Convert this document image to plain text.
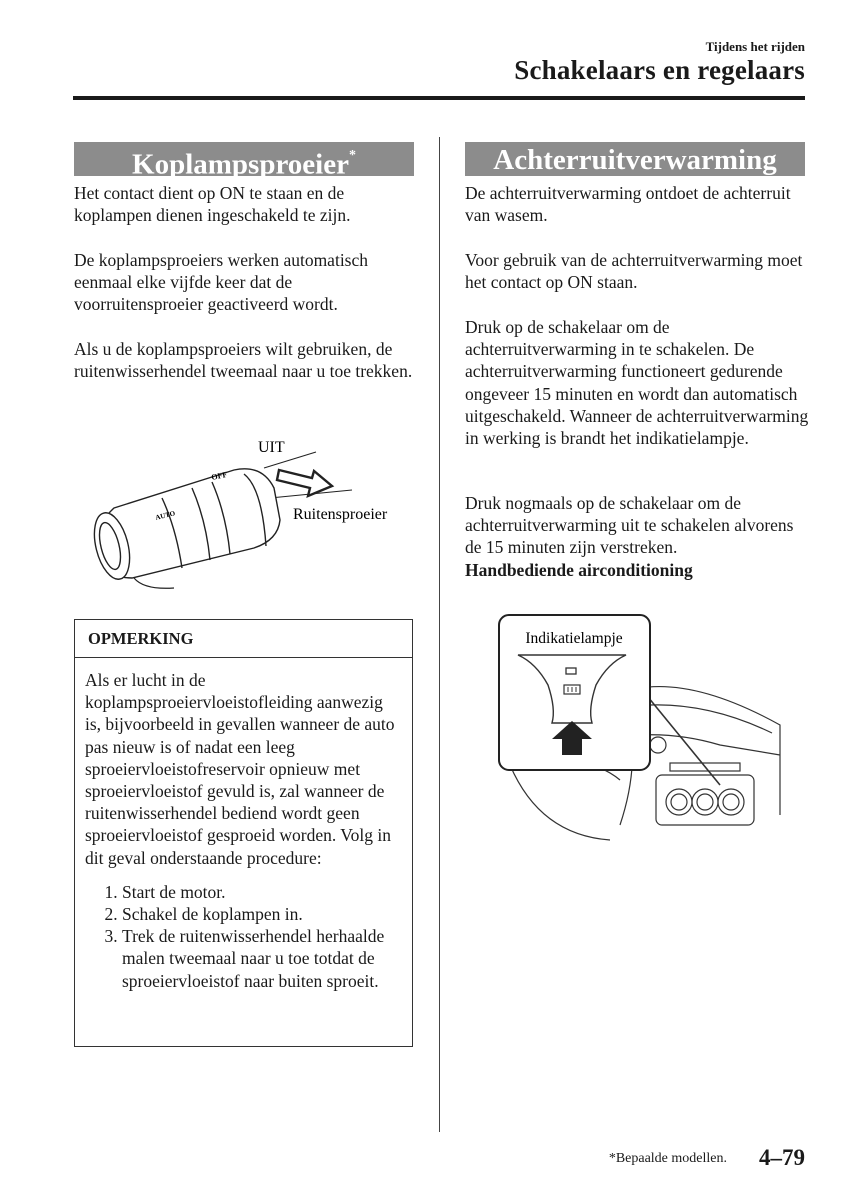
Tijdens het rijden
Schakelaars en regelaars
Koplampsproeier*
Het contact dient op ON te staan en de koplampen dienen ingeschakeld te zijn.
De koplampsproeiers werken automatisch eenmaal elke vijfde keer dat de voorruitensproeier geactiveerd wordt.
Als u de koplampsproeiers wilt gebruiken, de ruitenwisserhendel tweemaal naar u toe trekken.
OFF
AUTO
UIT
Ruitensproeier
OPMERKING
Als er lucht in de koplampsproeiervloeistofleiding aanwezig is, bijvoorbeeld in gevallen wanneer de auto pas nieuw is of nadat een leeg sproeiervloeistofreservoir opnieuw met sproeiervloeistof gevuld is, zal wanneer de ruitenwisserhendel bediend wordt geen sproeiervloeistof gesproeid worden. Volg in dit geval onderstaande procedure:
1. Start de motor.
2. Schakel de koplampen in.
3. Trek de ruitenwisserhendel herhaalde malen tweemaal naar u toe totdat de sproeiervloeistof naar buiten sproeit.
Achterruitverwarming
De achterruitverwarming ontdoet de achterruit van wasem.
Voor gebruik van de achterruitverwarming moet het contact op ON staan.
Druk op de schakelaar om de achterruitverwarming in te schakelen. De achterruitverwarming functioneert gedurende ongeveer 15 minuten en wordt dan automatisch uitgeschakeld. Wanneer de achterruitverwarming in werking is brandt het indikatielampje.
Druk nogmaals op de schakelaar om de achterruitverwarming uit te schakelen alvorens de 15 minuten zijn verstreken.
Handbediende airconditioning
Indikatielampje
*Bepaalde modellen. 4–79
